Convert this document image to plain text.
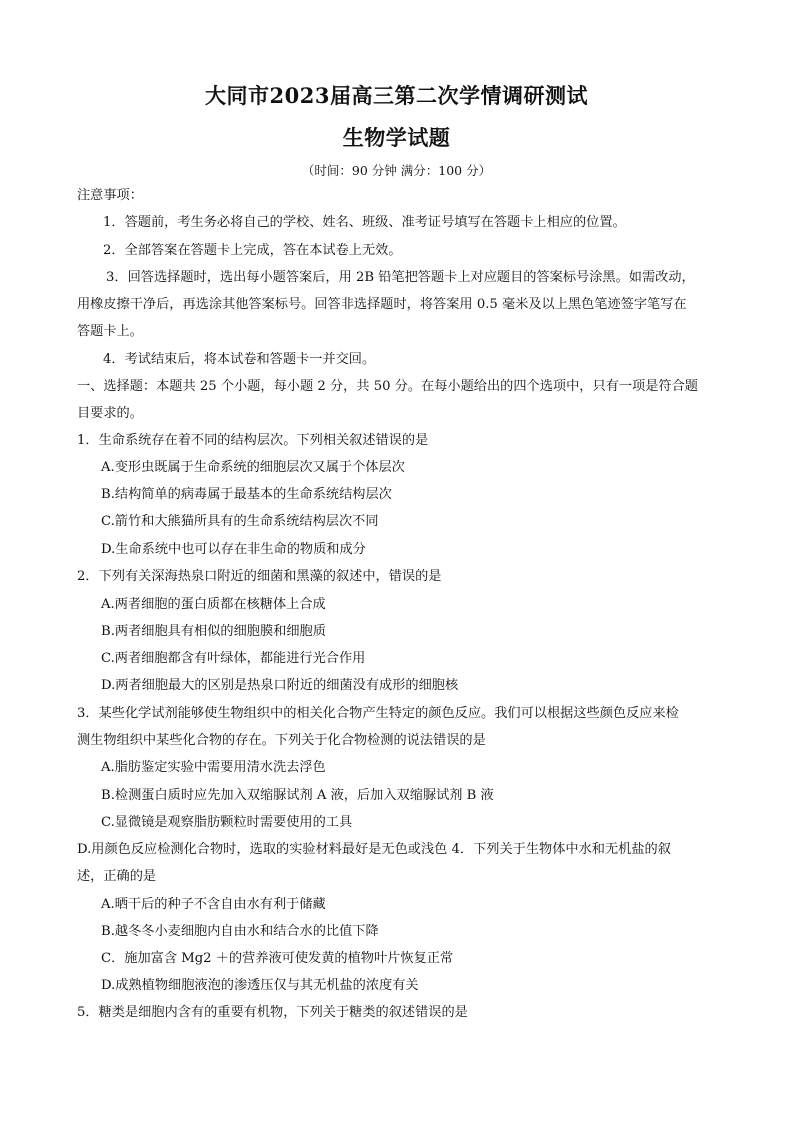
大同市2023届高三第二次学情调研测试
生物学试题
（时间：90 分钟 满分：100 分）
注意事项：
1．答题前，考生务必将自己的学校、姓名、班级、准考证号填写在答题卡上相应的位置。
2．全部答案在答题卡上完成，答在本试卷上无效。
3．回答选择题时，选出每小题答案后，用 2B 铅笔把答题卡上对应题目的答案标号涂黑。如需改动，
用橡皮擦干净后，再选涂其他答案标号。回答非选择题时，将答案用 0.5 毫米及以上黑色笔迹签字笔写在
答题卡上。
4．考试结束后，将本试卷和答题卡一并交回。
一、选择题：本题共 25 个小题，每小题 2 分，共 50 分。在每小题给出的四个选项中，只有一项是符合题
目要求的。
1．生命系统存在着不同的结构层次。下列相关叙述错误的是
A.变形虫既属于生命系统的细胞层次又属于个体层次
B.结构简单的病毒属于最基本的生命系统结构层次
C.箭竹和大熊猫所具有的生命系统结构层次不同
D.生命系统中也可以存在非生命的物质和成分
2．下列有关深海热泉口附近的细菌和黑藻的叙述中，错误的是
A.两者细胞的蛋白质都在核糖体上合成
B.两者细胞具有相似的细胞膜和细胞质
C.两者细胞都含有叶绿体，都能进行光合作用
D.两者细胞最大的区别是热泉口附近的细菌没有成形的细胞核
3．某些化学试剂能够使生物组织中的相关化合物产生特定的颜色反应。我们可以根据这些颜色反应来检
测生物组织中某些化合物的存在。下列关于化合物检测的说法错误的是
A.脂肪鉴定实验中需要用清水洗去浮色
B.检测蛋白质时应先加入双缩脲试剂 A 液，后加入双缩脲试剂 B 液
C.显微镜是观察脂肪颗粒时需要使用的工具
D.用颜色反应检测化合物时，选取的实验材料最好是无色或浅色 4．下列关于生物体中水和无机盐的叙
述，正确的是
A.晒干后的种子不含自由水有利于储藏
B.越冬冬小麦细胞内自由水和结合水的比值下降
C．施加富含 Mg2 ＋的营养液可使发黄的植物叶片恢复正常
D.成熟植物细胞液泡的渗透压仅与其无机盐的浓度有关
5．糖类是细胞内含有的重要有机物，下列关于糖类的叙述错误的是
